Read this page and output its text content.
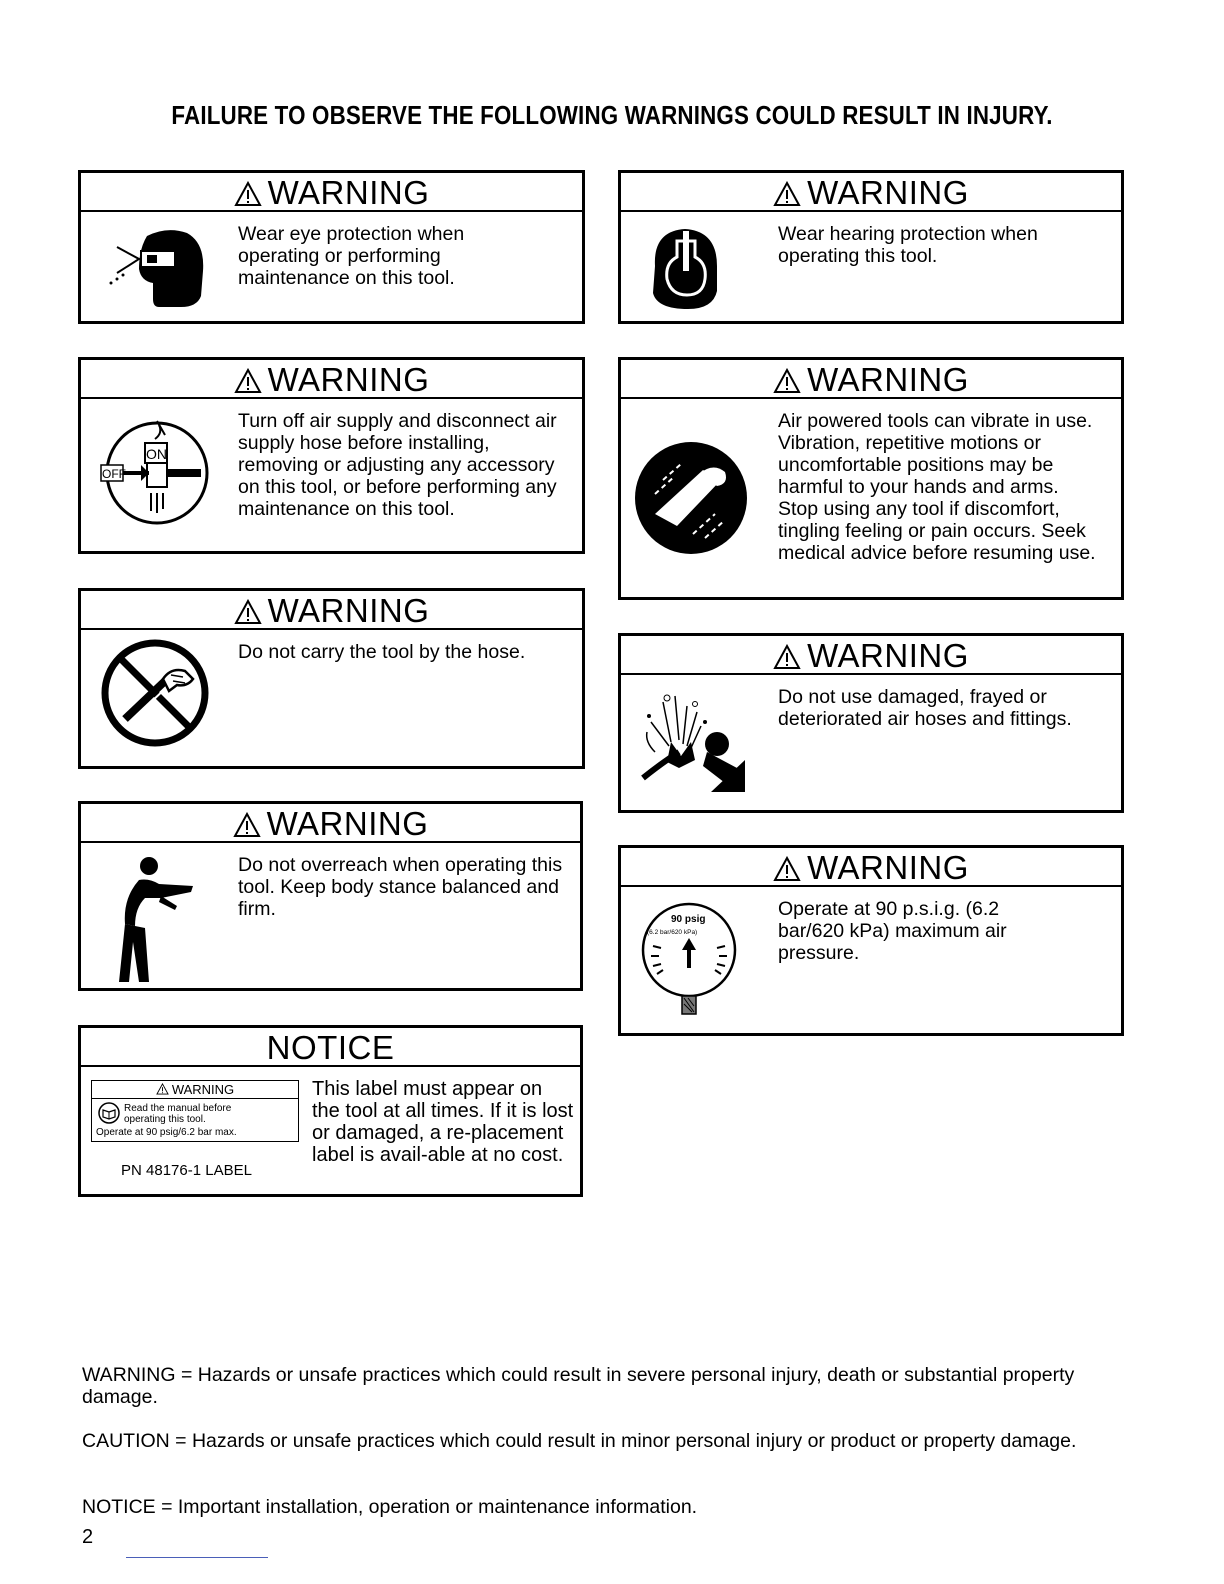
FAILURE TO OBSERVE THE FOLLOWING WARNINGS COULD RESULT IN INJURY.
WARNING
Wear eye protection when operating or performing maintenance on this tool.
WARNING
Wear hearing protection when operating this tool.
WARNING
OFF
ON
Turn off air supply and disconnect air supply hose before installing, removing or adjusting any accessory on this tool, or before performing any maintenance on this tool.
WARNING
Air powered tools can vibrate in use. Vibration, repetitive motions or uncomfortable positions may be harmful to your hands and arms. Stop using any tool if discomfort, tingling feeling or pain occurs. Seek medical advice before resuming use.
WARNING
Do not carry the tool by the hose.	WARNING
Do not use damaged, frayed or deteriorated air hoses and fittings.
WARNING
Do not overreach when operating this tool. Keep body stance balanced and firm.
WARNING
90 psig
(6.2 bar/620 kPa)
Operate at 90 p.s.i.g. (6.2 bar/620 kPa) maximum air pressure.
NOTICE
WARNING
Read the manual before operating this tool.
Operate at 90 psig/6.2 bar max.
PN 48176-1 LABEL
This label must appear on the tool at all times. If it is lost or damaged, a re-placement label is avail-able at no cost.
WARNING = Hazards or unsafe practices which could result in severe personal injury, death or substantial property damage.
CAUTION = Hazards or unsafe practices which could result in minor personal injury or product or property damage.
NOTICE = Important installation, operation or maintenance information.
2
